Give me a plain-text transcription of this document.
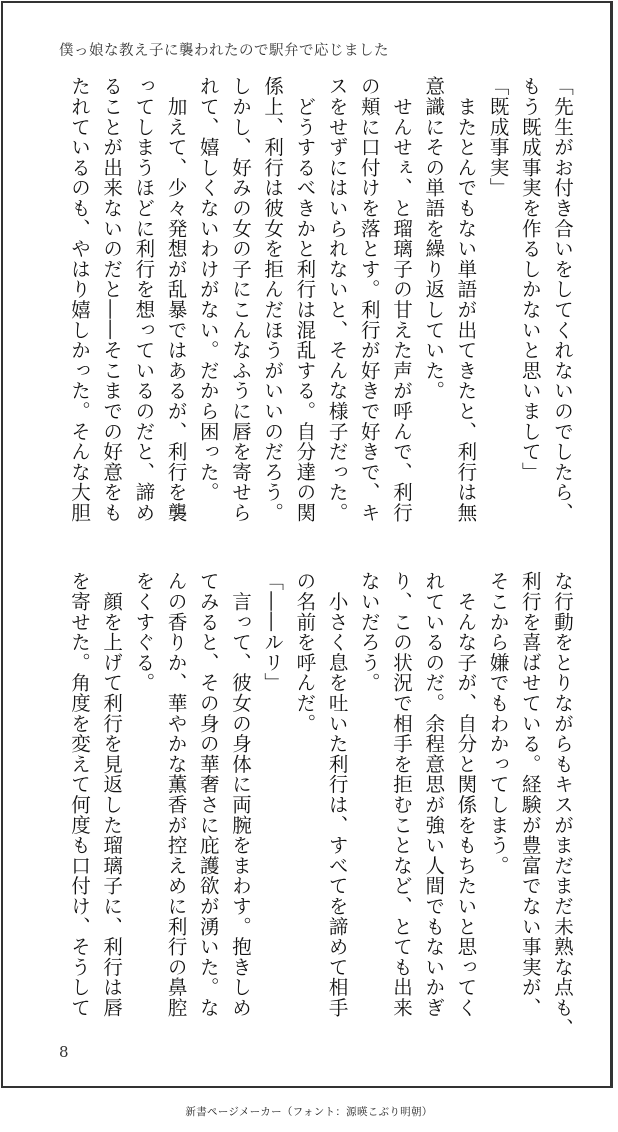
僕っ娘な教え子に襲われたので駅弁で応じました
「先生がお付き合いをしてくれないのでしたら、
もう既成事実を作るしかないと思いまして」
「既成事実」
　またとんでもない単語が出てきたと、利行は無
意識にその単語を繰り返していた。
　せんせぇ、と瑠璃子の甘えた声が呼んで、利行
の頬に口付けを落とす。利行が好きで好きで、キ
スをせずにはいられないと、そんな様子だった。
　どうするべきかと利行は混乱する。自分達の関
係上、利行は彼女を拒んだほうがいいのだろう。
しかし、好みの女の子にこんなふうに唇を寄せら
れて、嬉しくないわけがない。だから困った。
　加えて、少々発想が乱暴ではあるが、利行を襲
ってしまうほどに利行を想っているのだと、諦め
ることが出来ないのだと――そこまでの好意をも
たれているのも、やはり嬉しかった。そんな大胆
な行動をとりながらもキスがまだまだ未熟な点も、
利行を喜ばせている。経験が豊富でない事実が、
そこから嫌でもわかってしまう。
　そんな子が、自分と関係をもちたいと思ってく
れているのだ。余程意思が強い人間でもないかぎ
り、この状況で相手を拒むことなど、とても出来
ないだろう。
　小さく息を吐いた利行は、すべてを諦めて相手
の名前を呼んだ。
「――ルリ」
　言って、彼女の身体に両腕をまわす。抱きしめ
てみると、その身の華奢さに庇護欲が湧いた。な
んの香りか、華やかな薫香が控えめに利行の鼻腔
をくすぐる。
　顔を上げて利行を見返した瑠璃子に、利行は唇
を寄せた。角度を変えて何度も口付け、そうして
8
新書ページメーカー（フォント：源暎こぶり明朝）
